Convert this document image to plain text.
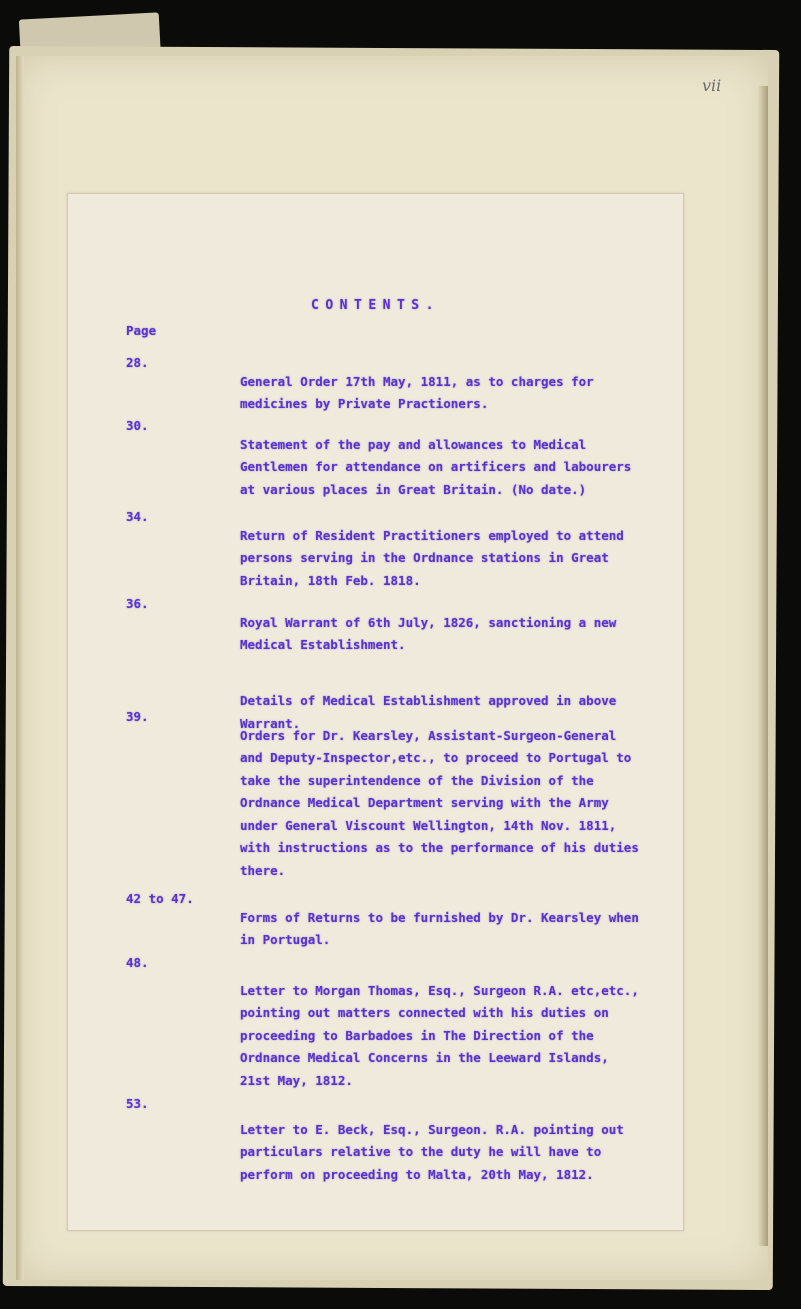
vii
CONTENTS.
Page
28.

General Order 17th May, 1811, as to charges for
medicines by Private Practioners.

30.

Statement of the pay and allowances to Medical
Gentlemen for attendance on artificers and labourers
at various places in Great Britain. (No date.)

34.

Return of Resident Practitioners employed to attend
persons serving in the Ordnance stations in Great
Britain, 18th Feb. 1818.

36.

Royal Warrant of 6th July, 1826, sanctioning a new
Medical Establishment.

Details of Medical Establishment approved in above
Warrant.

39.

Orders for Dr. Kearsley, Assistant-Surgeon-General
and Deputy-Inspector,etc., to proceed to Portugal to
take the superintendence of the Division of the
Ordnance Medical Department serving with the Army
under General Viscount Wellington, 14th Nov. 1811,
with instructions as to the performance of his duties
there.

42 to 47.

Forms of Returns to be furnished by Dr. Kearsley when
in Portugal.

48.

Letter to Morgan Thomas, Esq., Surgeon R.A. etc,etc.,
pointing out matters connected with his duties on
proceeding to Barbadoes in The Direction of the
Ordnance Medical Concerns in the Leeward Islands,
21st May, 1812.

53.

Letter to E. Beck, Esq., Surgeon. R.A. pointing out
particulars relative to the duty he will have to
perform on proceeding to Malta, 20th May, 1812.
